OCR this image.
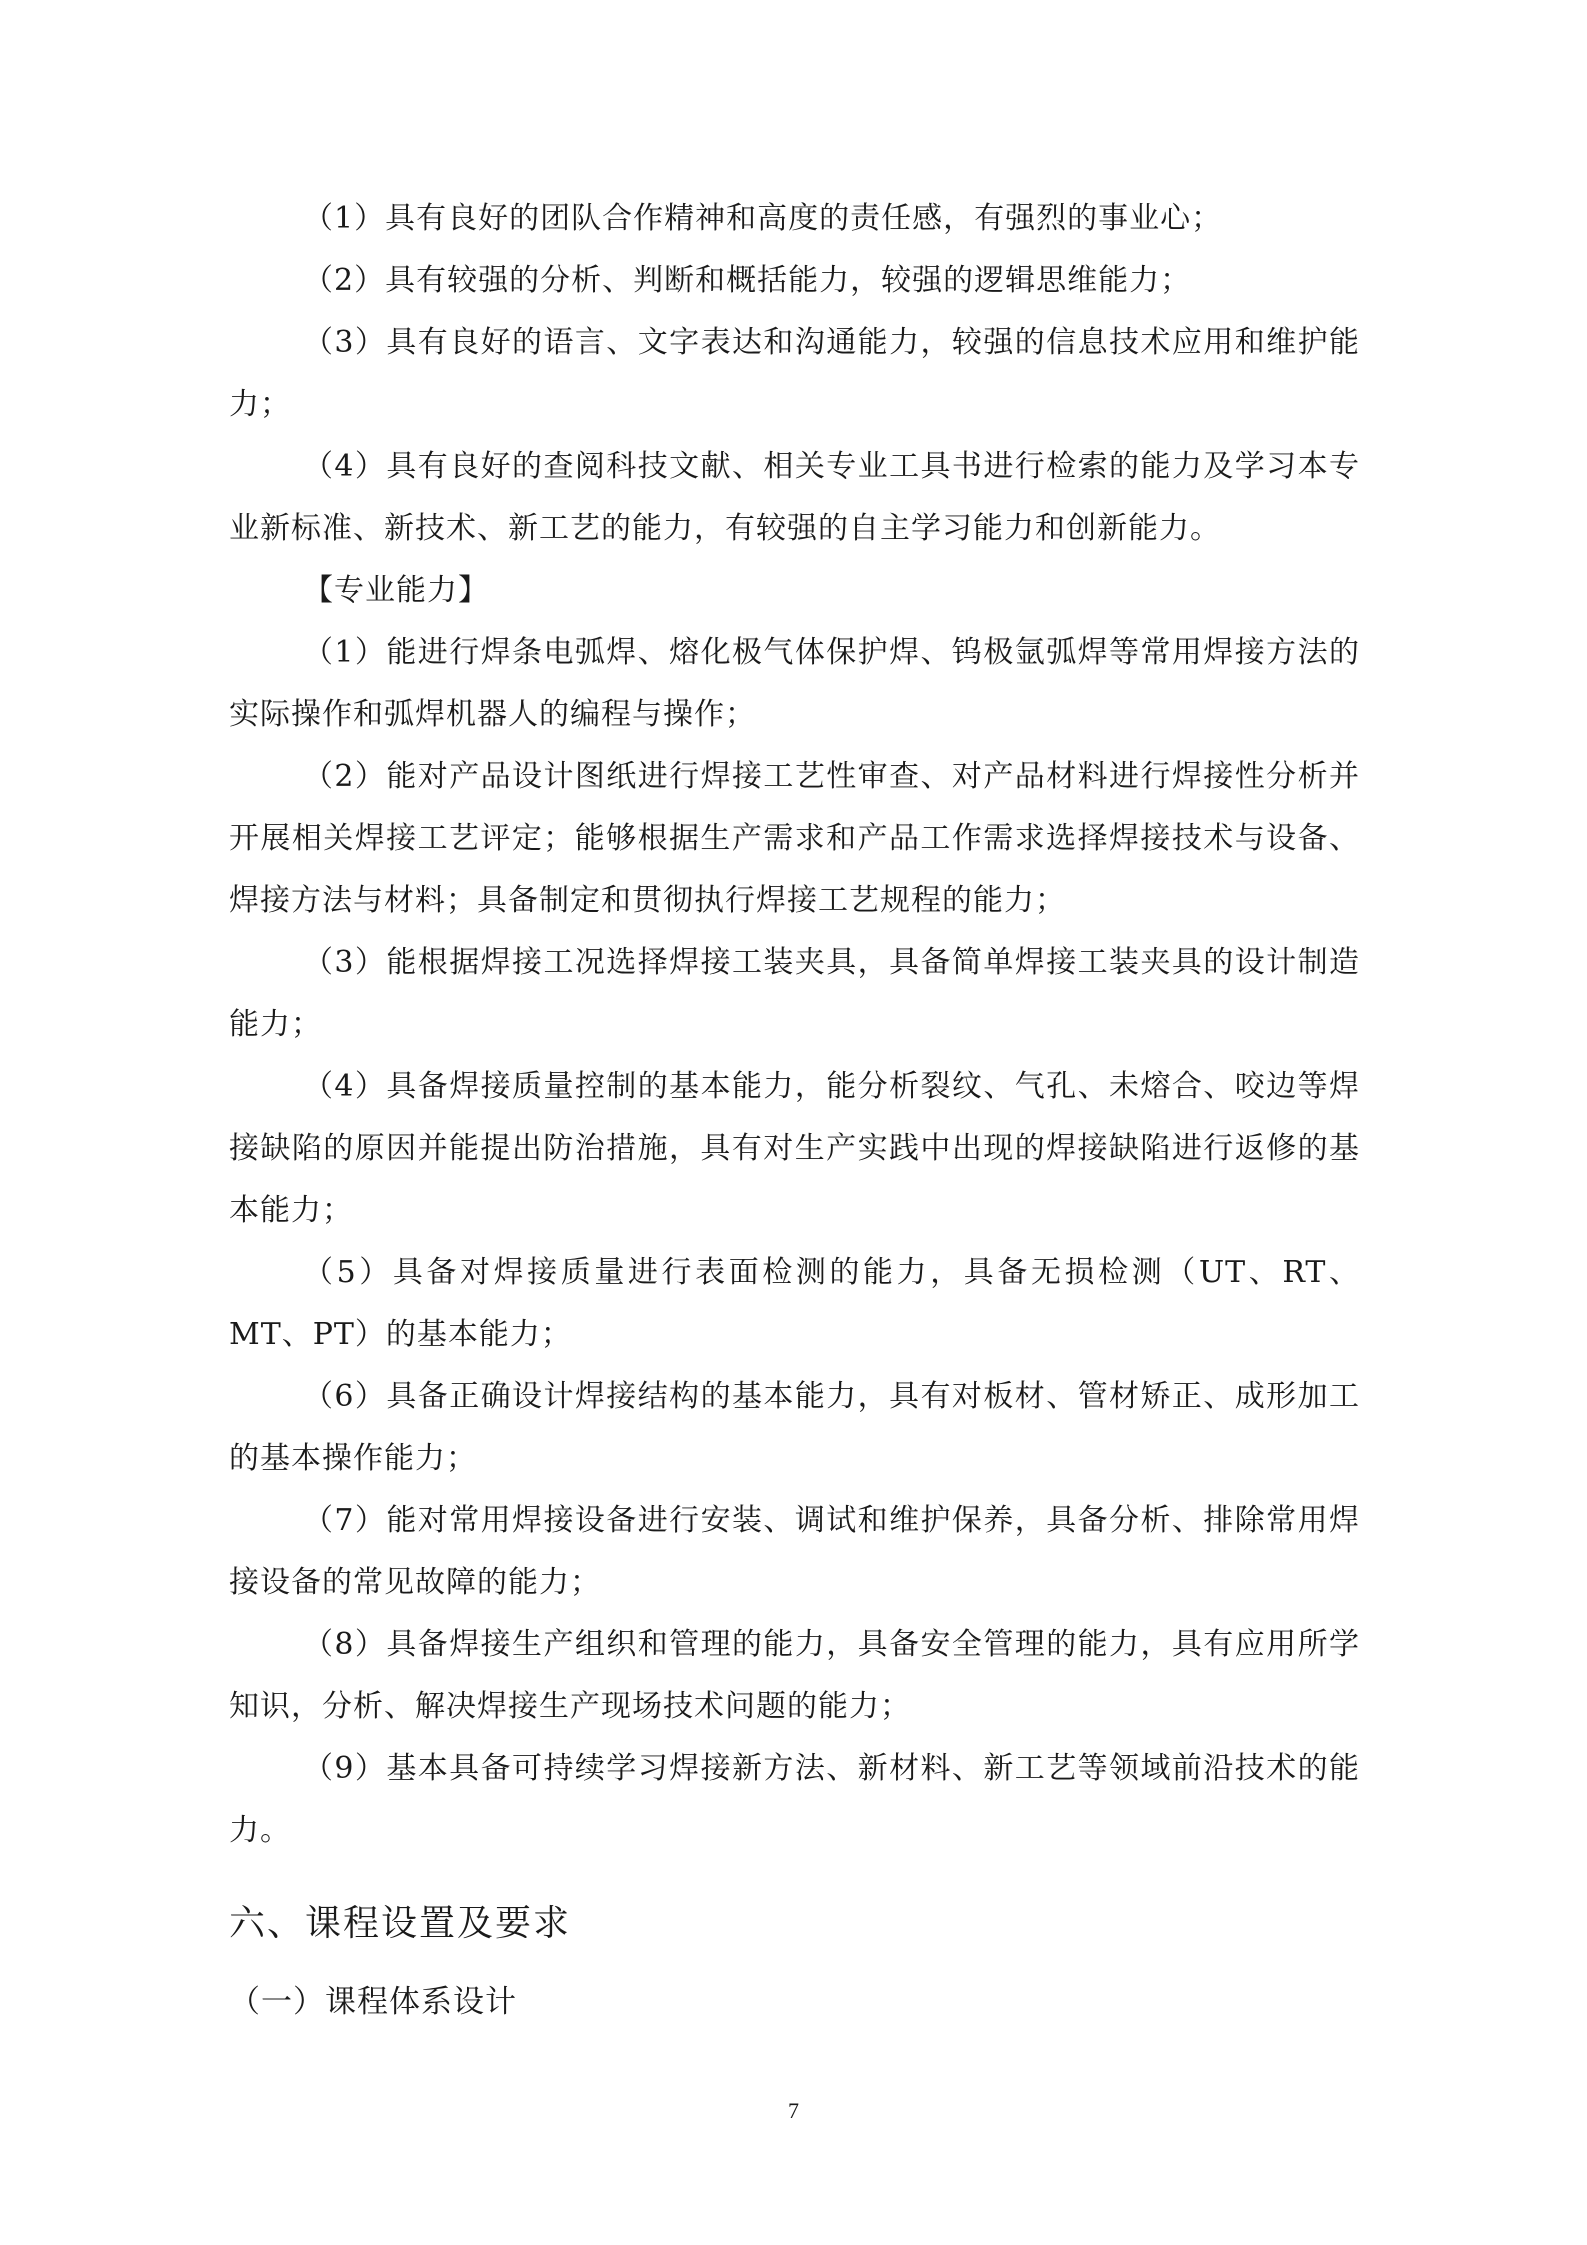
（1）具有良好的团队合作精神和高度的责任感，有强烈的事业心；

（2）具有较强的分析、判断和概括能力，较强的逻辑思维能力；

（3）具有良好的语言、文字表达和沟通能力，较强的信息技术应用和维护能力；

（4）具有良好的查阅科技文献、相关专业工具书进行检索的能力及学习本专业新标准、新技术、新工艺的能力，有较强的自主学习能力和创新能力。

【专业能力】

（1）能进行焊条电弧焊、熔化极气体保护焊、钨极氩弧焊等常用焊接方法的实际操作和弧焊机器人的编程与操作；

（2）能对产品设计图纸进行焊接工艺性审查、对产品材料进行焊接性分析并开展相关焊接工艺评定；能够根据生产需求和产品工作需求选择焊接技术与设备、焊接方法与材料；具备制定和贯彻执行焊接工艺规程的能力；

（3）能根据焊接工况选择焊接工装夹具，具备简单焊接工装夹具的设计制造能力；

（4）具备焊接质量控制的基本能力，能分析裂纹、气孔、未熔合、咬边等焊接缺陷的原因并能提出防治措施，具有对生产实践中出现的焊接缺陷进行返修的基本能力；

（5）具备对焊接质量进行表面检测的能力，具备无损检测（UT、RT、MT、PT）的基本能力；

（6）具备正确设计焊接结构的基本能力，具有对板材、管材矫正、成形加工的基本操作能力；

（7）能对常用焊接设备进行安装、调试和维护保养，具备分析、排除常用焊接设备的常见故障的能力；

（8）具备焊接生产组织和管理的能力，具备安全管理的能力，具有应用所学知识，分析、解决焊接生产现场技术问题的能力；

（9）基本具备可持续学习焊接新方法、新材料、新工艺等领域前沿技术的能力。

六、课程设置及要求
（一）课程体系设计
7
